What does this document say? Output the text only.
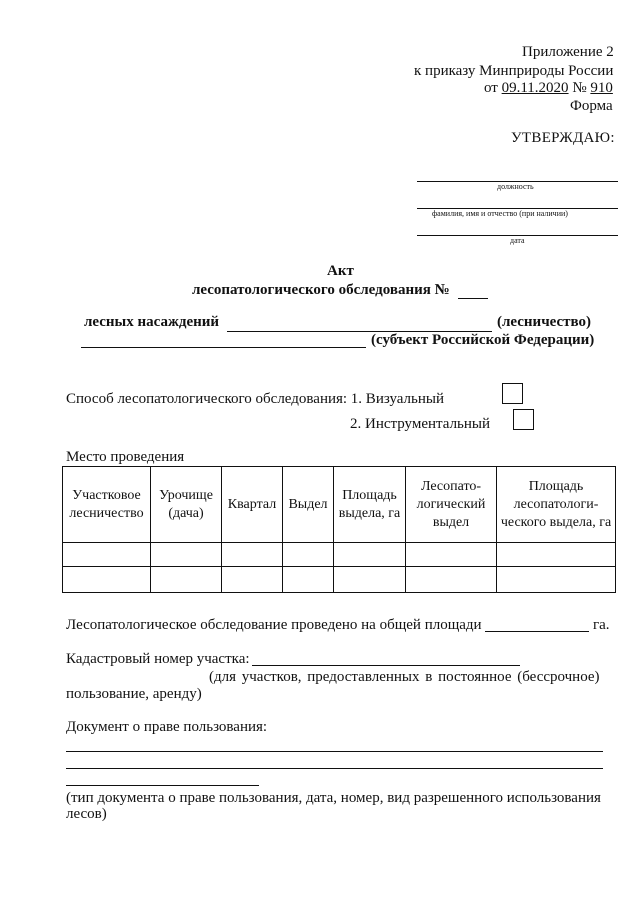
Приложение 2
к приказу Минприроды России
от 09.11.2020 № 910
Форма
УТВЕРЖДАЮ:
должность
фамилия, имя и отчество (при наличии)
дата
Акт
лесопатологического обследования №
лесных насаждений	(лесничество)
(субъект Российской Федерации)
Способ лесопатологического обследования: 1. Визуальный
2. Инструментальный
Место проведения
Участковое лесничество	Урочище (дача)	Квартал	Выдел	Площадь выдела, га	Лесопато-логический выдел	Площадь лесопатологи-ческого выдела, га

Лесопатологическое обследование проведено на общей площади	га.
Кадастровый номер участка:
(для участков, предоставленных в постоянное (бессрочное)
пользование, аренду)
Документ о праве пользования:
(тип документа о праве пользования, дата, номер, вид разрешенного использования
лесов)
